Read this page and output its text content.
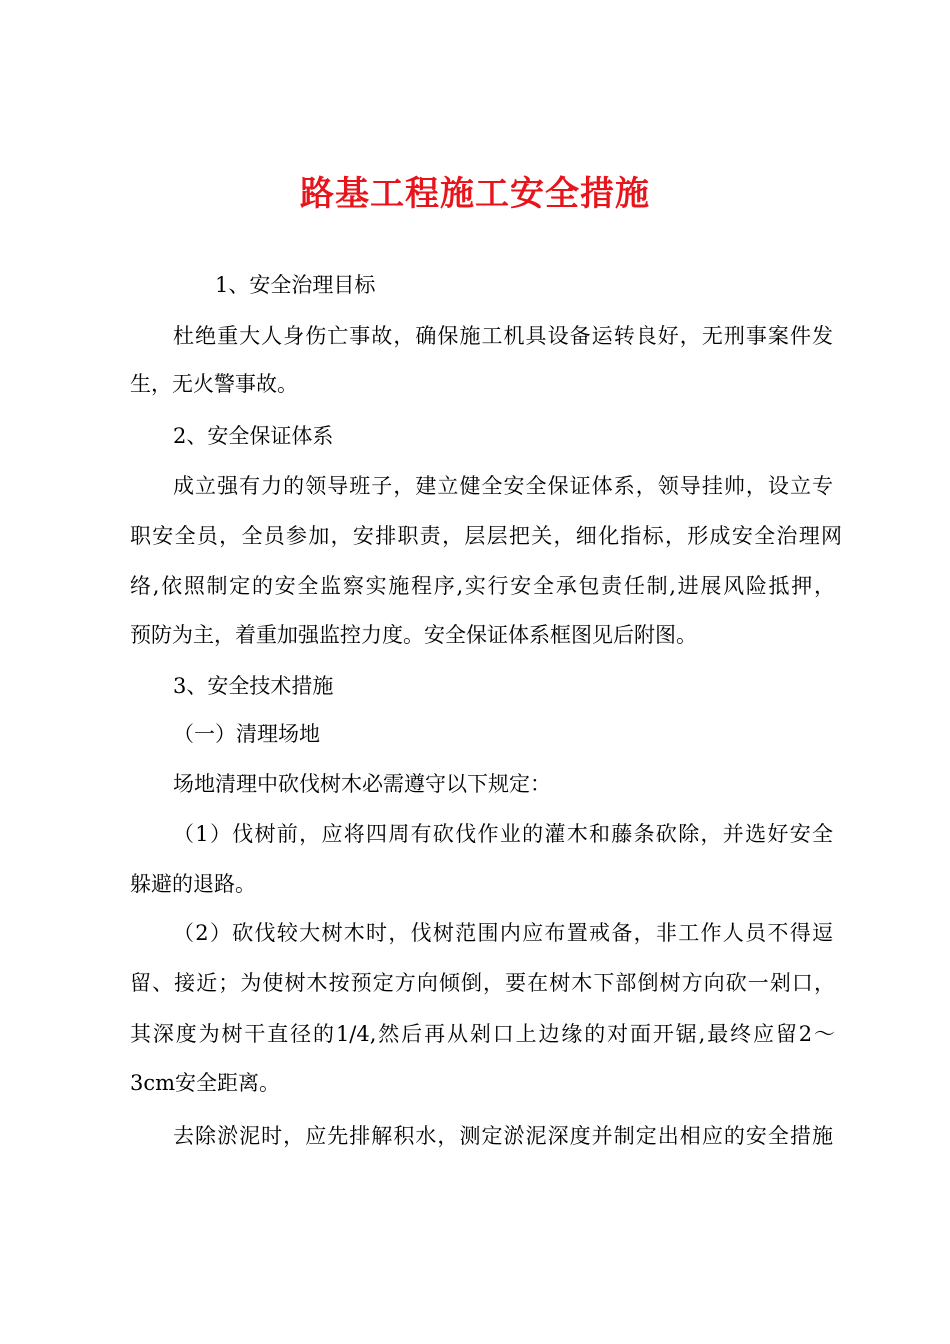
路基工程施工安全措施
1、安全治理目标
杜绝重大人身伤亡事故，确保施工机具设备运转良好，无刑事案件发
生，无火警事故。
2、安全保证体系
成立强有力的领导班子，建立健全安全保证体系，领导挂帅，设立专
职安全员，全员参加，安排职责，层层把关，细化指标，形成安全治理网
络,依照制定的安全监察实施程序,实行安全承包责任制,进展风险抵押，
预防为主，着重加强监控力度。安全保证体系框图见后附图。
3、安全技术措施
（一）清理场地
场地清理中砍伐树木必需遵守以下规定：
（1）伐树前，应将四周有砍伐作业的灌木和藤条砍除，并选好安全
躲避的退路。
（2）砍伐较大树木时，伐树范围内应布置戒备，非工作人员不得逗
留、接近；为使树木按预定方向倾倒，要在树木下部倒树方向砍一剁口，
其深度为树干直径的1/4,然后再从剁口上边缘的对面开锯,最终应留2～
3cm安全距离。
去除淤泥时，应先排解积水，测定淤泥深度并制定出相应的安全措施
